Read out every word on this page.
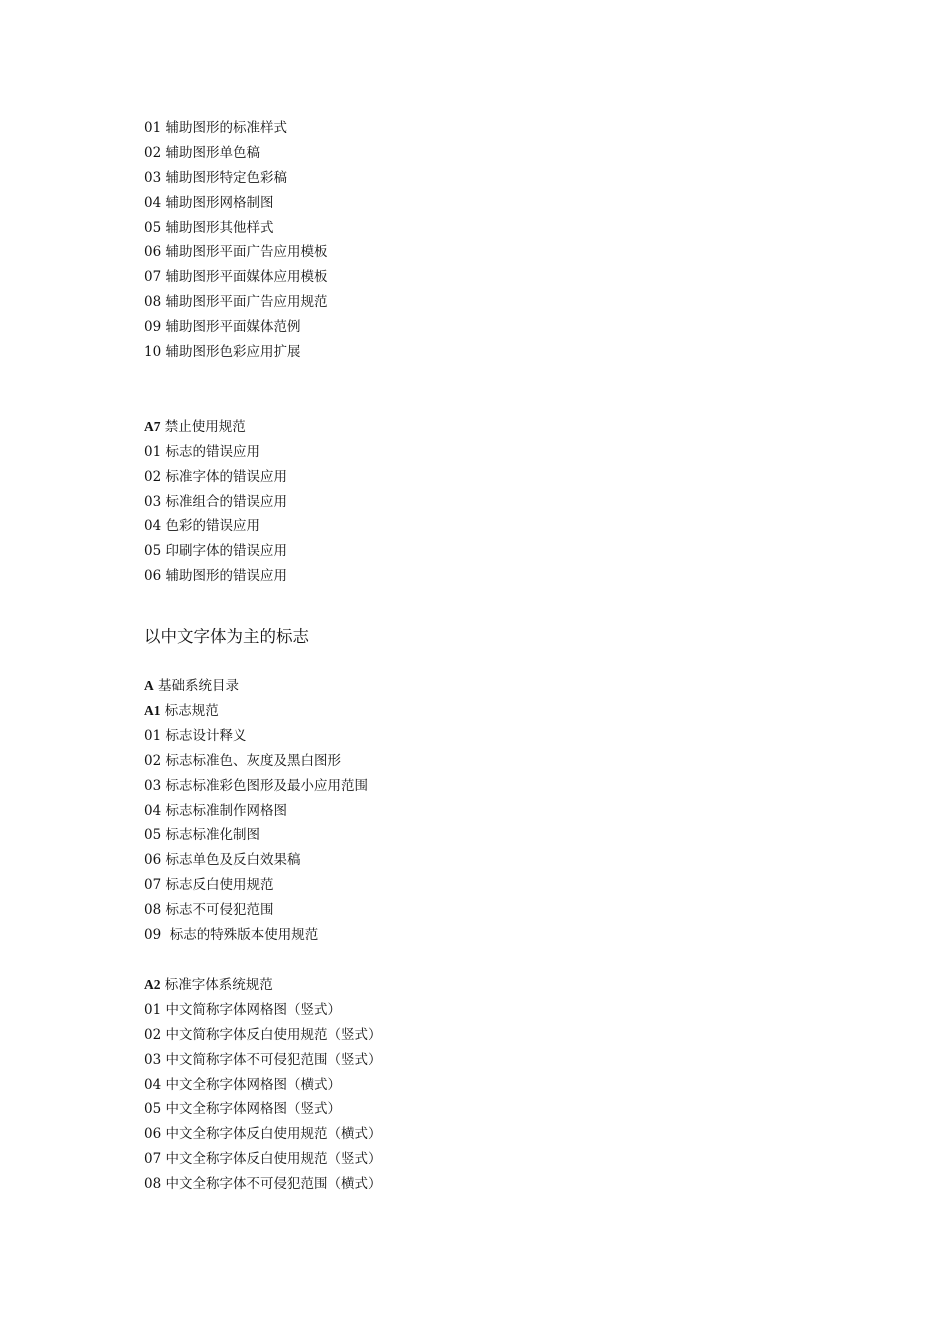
01 辅助图形的标准样式
02 辅助图形单色稿
03 辅助图形特定色彩稿
04 辅助图形网格制图
05 辅助图形其他样式
06 辅助图形平面广告应用模板
07 辅助图形平面媒体应用模板
08 辅助图形平面广告应用规范
09 辅助图形平面媒体范例
10 辅助图形色彩应用扩展
A7 禁止使用规范
01 标志的错误应用
02 标准字体的错误应用
03 标准组合的错误应用
04 色彩的错误应用
05 印刷字体的错误应用
06 辅助图形的错误应用
以中文字体为主的标志
A 基础系统目录
A1 标志规范
01 标志设计释义
02 标志标准色、灰度及黑白图形
03 标志标准彩色图形及最小应用范围
04 标志标准制作网格图
05 标志标准化制图
06 标志单色及反白效果稿
07 标志反白使用规范
08 标志不可侵犯范围
09  标志的特殊版本使用规范
A2 标准字体系统规范
01 中文简称字体网格图（竖式）
02 中文简称字体反白使用规范（竖式）
03 中文简称字体不可侵犯范围（竖式）
04 中文全称字体网格图（横式）
05 中文全称字体网格图（竖式）
06 中文全称字体反白使用规范（横式）
07 中文全称字体反白使用规范（竖式）
08 中文全称字体不可侵犯范围（横式）
